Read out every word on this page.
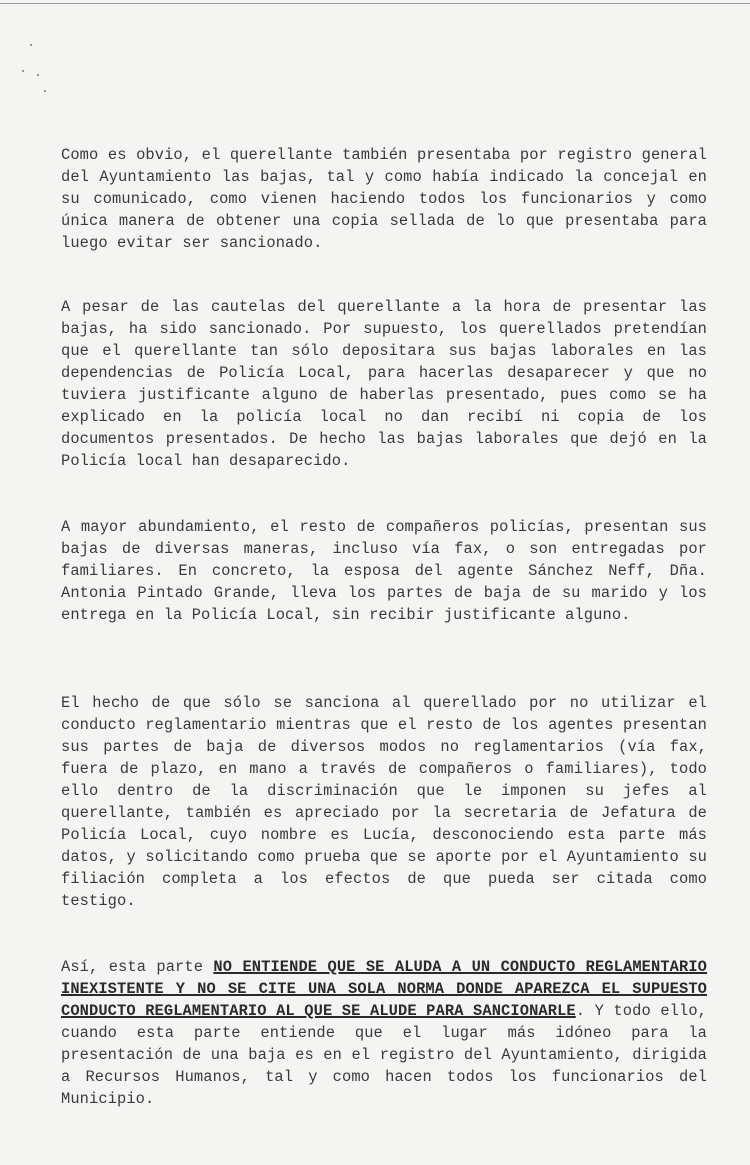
Como es obvio, el querellante también presentaba por registro general del Ayuntamiento las bajas, tal y como había indicado la concejal en su comunicado, como vienen haciendo todos los funcionarios y como única manera de obtener una copia sellada de lo que presentaba para luego evitar ser sancionado.

A pesar de las cautelas del querellante a la hora de presentar las bajas, ha sido sancionado. Por supuesto, los querellados pretendían que el querellante tan sólo depositara sus bajas laborales en las dependencias de Policía Local, para hacerlas desaparecer y que no tuviera justificante alguno de haberlas presentado, pues como se ha explicado en la policía local no dan recibí ni copia de los documentos presentados. De hecho las bajas laborales que dejó en la Policía local han desaparecido.

A mayor abundamiento, el resto de compañeros policías, presentan sus bajas de diversas maneras, incluso vía fax, o son entregadas por familiares. En concreto, la esposa del agente Sánchez Neff, Dña. Antonia Pintado Grande, lleva los partes de baja de su marido y los entrega en la Policía Local, sin recibir justificante alguno.

El hecho de que sólo se sanciona al querellado por no utilizar el conducto reglamentario mientras que el resto de los agentes presentan sus partes de baja de diversos modos no reglamentarios (vía fax, fuera de plazo, en mano a través de compañeros o familiares), todo ello dentro de la discriminación que le imponen su jefes al querellante, también es apreciado por la secretaria de Jefatura de Policía Local, cuyo nombre es Lucía, desconociendo esta parte más datos, y solicitando como prueba que se aporte por el Ayuntamiento su filiación completa a los efectos de que pueda ser citada como testigo.

Así, esta parte NO ENTIENDE QUE SE ALUDA A UN CONDUCTO REGLAMENTARIO INEXISTENTE Y NO SE CITE UNA SOLA NORMA DONDE APAREZCA EL SUPUESTO CONDUCTO REGLAMENTARIO AL QUE SE ALUDE PARA SANCIONARLE. Y todo ello, cuando esta parte entiende que el lugar más idóneo para la presentación de una baja es en el registro del Ayuntamiento, dirigida a Recursos Humanos, tal y como hacen todos los funcionarios del Municipio.
